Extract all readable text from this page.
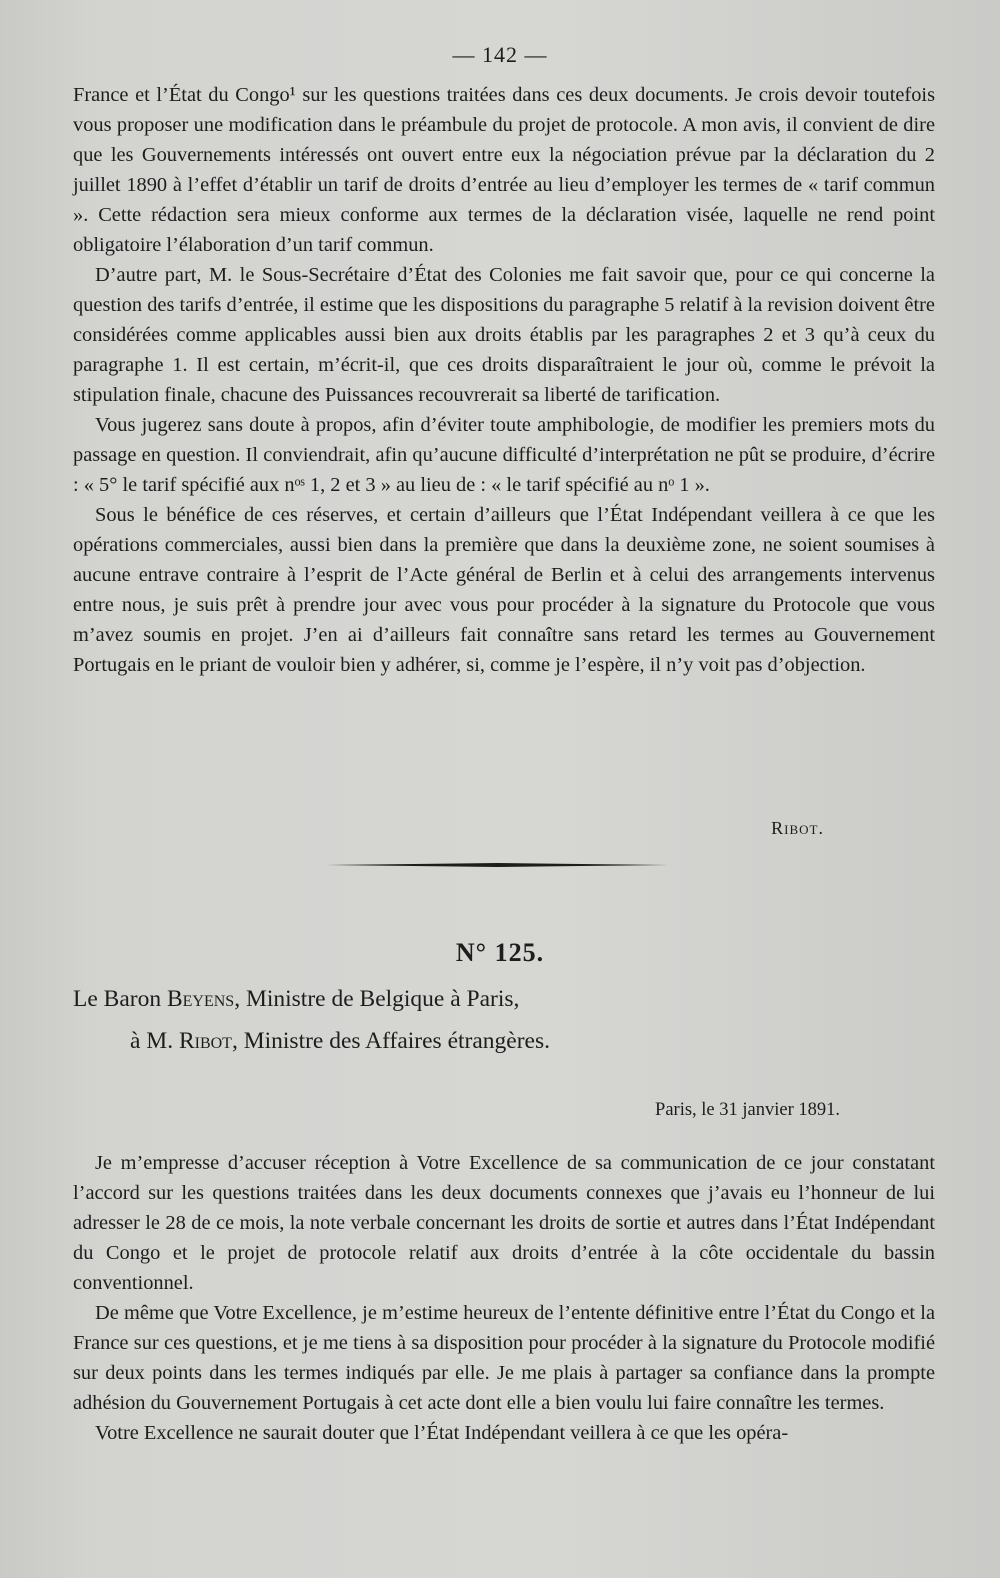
— 142 —

France et l’État du Congo¹ sur les questions traitées dans ces deux documents. Je crois devoir toutefois vous proposer une modification dans le préambule du projet de protocole. A mon avis, il convient de dire que les Gouvernements intéressés ont ouvert entre eux la négociation prévue par la déclaration du 2 juillet 1890 à l’effet d’établir un tarif de droits d’entrée au lieu d’employer les termes de « tarif commun ». Cette rédaction sera mieux conforme aux termes de la déclaration visée, laquelle ne rend point obligatoire l’élaboration d’un tarif commun.

D’autre part, M. le Sous-Secrétaire d’État des Colonies me fait savoir que, pour ce qui concerne la question des tarifs d’entrée, il estime que les dispositions du paragraphe 5 relatif à la revision doivent être considérées comme applicables aussi bien aux droits établis par les paragraphes 2 et 3 qu’à ceux du paragraphe 1. Il est certain, m’écrit-il, que ces droits disparaîtraient le jour où, comme le prévoit la stipulation finale, chacune des Puissances recouvrerait sa liberté de tarification.

Vous jugerez sans doute à propos, afin d’éviter toute amphibologie, de modifier les premiers mots du passage en question. Il conviendrait, afin qu’aucune difficulté d’interprétation ne pût se produire, d’écrire : « 5° le tarif spécifié aux nᵒˢ 1, 2 et 3 » au lieu de : « le tarif spécifié au nᵒ 1 ».

Sous le bénéfice de ces réserves, et certain d’ailleurs que l’État Indépendant veillera à ce que les opérations commerciales, aussi bien dans la première que dans la deuxième zone, ne soient soumises à aucune entrave contraire à l’esprit de l’Acte général de Berlin et à celui des arrangements intervenus entre nous, je suis prêt à prendre jour avec vous pour procéder à la signature du Protocole que vous m’avez soumis en projet. J’en ai d’ailleurs fait connaître sans retard les termes au Gouvernement Portugais en le priant de vouloir bien y adhérer, si, comme je l’espère, il n’y voit pas d’objection.

Ribot.
N° 125.
Le Baron Beyens, Ministre de Belgique à Paris,
à M. Ribot, Ministre des Affaires étrangères.
Paris, le 31 janvier 1891.

Je m’empresse d’accuser réception à Votre Excellence de sa communication de ce jour constatant l’accord sur les questions traitées dans les deux documents connexes que j’avais eu l’honneur de lui adresser le 28 de ce mois, la note verbale concernant les droits de sortie et autres dans l’État Indépendant du Congo et le projet de protocole relatif aux droits d’entrée à la côte occidentale du bassin conventionnel.

De même que Votre Excellence, je m’estime heureux de l’entente définitive entre l’État du Congo et la France sur ces questions, et je me tiens à sa disposition pour procéder à la signature du Protocole modifié sur deux points dans les termes indiqués par elle. Je me plais à partager sa confiance dans la prompte adhésion du Gouvernement Portugais à cet acte dont elle a bien voulu lui faire connaître les termes.

Votre Excellence ne saurait douter que l’État Indépendant veillera à ce que les opéra-
